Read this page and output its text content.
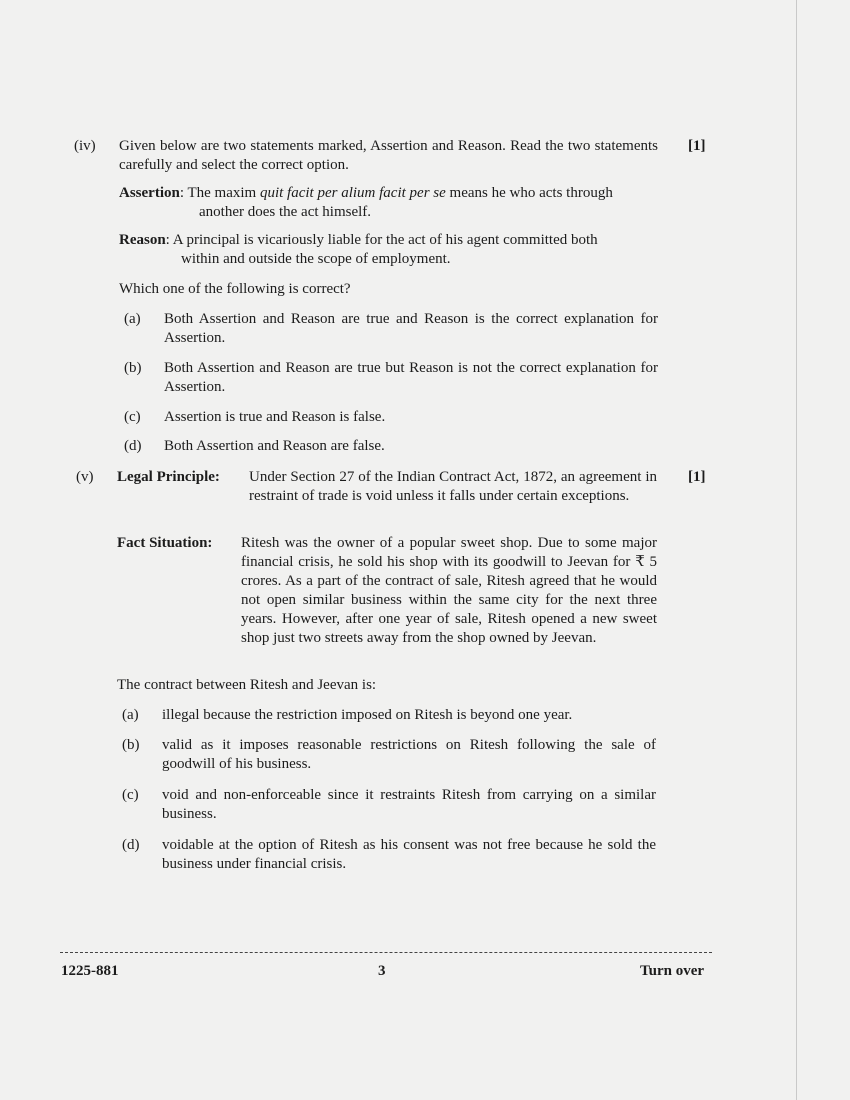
(iv)	[1]
Given below are two statements marked, Assertion and Reason. Read the two statements carefully and select the correct option.
Assertion: The maxim quit facit per alium facit per se means he who acts through
another does the act himself.
Reason: A principal is vicariously liable for the act of his agent committed both
within and outside the scope of employment.
Which one of the following is correct?
(a) Both Assertion and Reason are true and Reason is the correct explanation for Assertion.
(b) Both Assertion and Reason are true but Reason is not the correct explanation for Assertion.
(c) Assertion is true and Reason is false.
(d) Both Assertion and Reason are false.
(v)	[1]
Legal Principle: Under Section 27 of the Indian Contract Act, 1872, an agreement in restraint of trade is void unless it falls under certain exceptions.
Fact Situation: Ritesh was the owner of a popular sweet shop. Due to some major financial crisis, he sold his shop with its goodwill to Jeevan for ₹ 5 crores. As a part of the contract of sale, Ritesh agreed that he would not open similar business within the same city for the next three years. However, after one year of sale, Ritesh opened a new sweet shop just two streets away from the shop owned by Jeevan.
The contract between Ritesh and Jeevan is:
(a) illegal because the restriction imposed on Ritesh is beyond one year.
(b) valid as it imposes reasonable restrictions on Ritesh following the sale of goodwill of his business.
(c) void and non-enforceable since it restraints Ritesh from carrying on a similar business.
(d) voidable at the option of Ritesh as his consent was not free because he sold the business under financial crisis.
1225-881	3	Turn over
